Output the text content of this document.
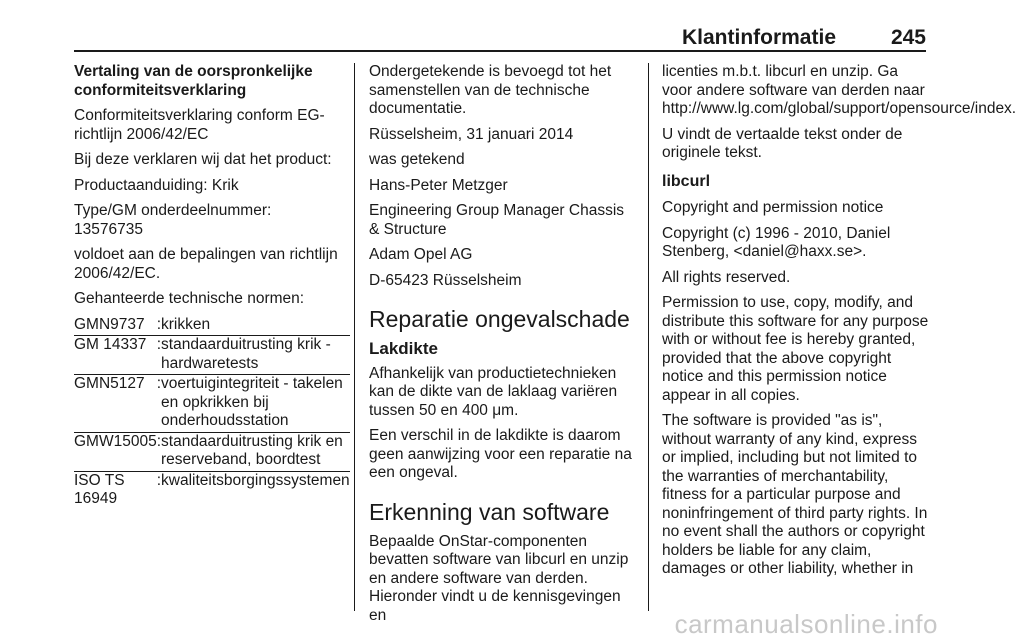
Klantinformatie	245

Vertaling van de oorspronkelijke conformiteitsverklaring

Conformiteitsverklaring conform EG-richtlijn 2006/42/EC

Bij deze verklaren wij dat het product:

Productaanduiding: Krik

Type/GM onderdeelnummer: 13576735

voldoet aan de bepalingen van richtlijn 2006/42/EC.

Gehanteerde technische normen:

GMN9737	:	krikken
GM 14337	:	standaarduitrusting krik - hardwaretests
GMN5127	:	voertuigintegriteit - takelen en opkrikken bij onderhoudsstation
GMW15005	:	standaarduitrusting krik en reserveband, boordtest
ISO TS 16949	:	kwaliteitsborgingssystemen

Ondergetekende is bevoegd tot het samenstellen van de technische documentatie.

Rüsselsheim, 31 januari 2014

was getekend

Hans-Peter Metzger

Engineering Group Manager Chassis & Structure

Adam Opel AG

D-65423 Rüsselsheim

Reparatie ongevalschade
Lakdikte

Afhankelijk van productietechnieken kan de dikte van de laklaag variëren tussen 50 en 400 μm.

Een verschil in de lakdikte is daarom geen aanwijzing voor een reparatie na een ongeval.

Erkenning van software

Bepaalde OnStar-componenten bevatten software van libcurl en unzip en andere software van derden. Hieronder vindt u de kennisgevingen en

licenties m.b.t. libcurl en unzip. Ga voor andere software van derden naar http://www.lg.com/global/support/opensource/index.

U vindt de vertaalde tekst onder de originele tekst.

libcurl

Copyright and permission notice

Copyright (c) 1996 - 2010, Daniel Stenberg, <daniel@haxx.se>.

All rights reserved.

Permission to use, copy, modify, and distribute this software for any purpose with or without fee is hereby granted, provided that the above copyright notice and this permission notice appear in all copies.

The software is provided "as is", without warranty of any kind, express or implied, including but not limited to the warranties of merchantability, fitness for a particular purpose and noninfringement of third party rights. In no event shall the authors or copyright holders be liable for any claim, damages or other liability, whether in

carmanualsonline.info
